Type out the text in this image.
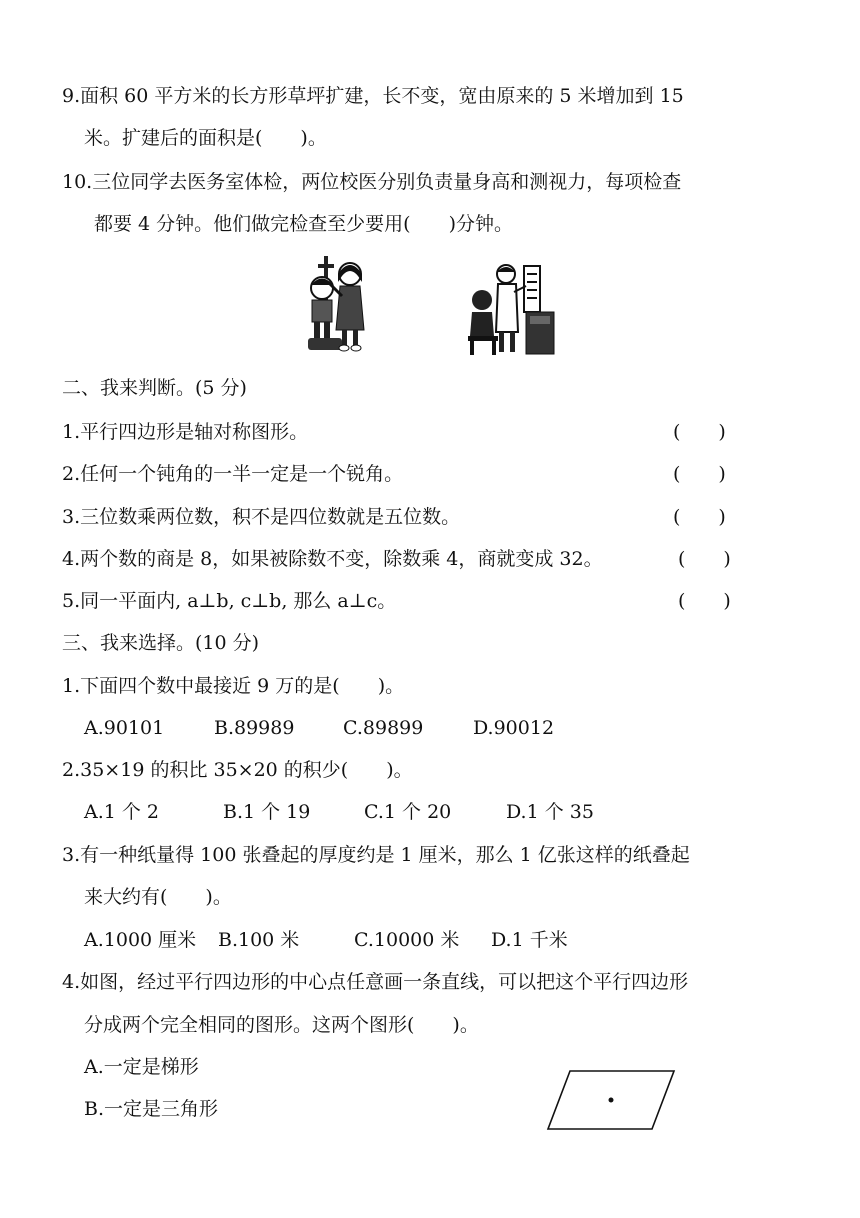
9.面积 60 平方米的长方形草坪扩建，长不变，宽由原来的 5 米增加到 15
米。扩建后的面积是(　　)。
10.三位同学去医务室体检，两位校医分别负责量身高和测视力，每项检查
都要 4 分钟。他们做完检查至少要用(　　)分钟。
二、我来判断。(5 分)
1.平行四边形是轴对称图形。	(　　)
2.任何一个钝角的一半一定是一个锐角。	(　　)
3.三位数乘两位数，积不是四位数就是五位数。	(　　)
4.两个数的商是 8，如果被除数不变，除数乘 4，商就变成 32。	(　　)
5.同一平面内, a⊥b, c⊥b, 那么 a⊥c。	(　　)
三、我来选择。(10 分)
1.下面四个数中最接近 9 万的是(　　)。
A.90101	B.89989	C.89899	D.90012
2.35×19 的积比 35×20 的积少(　　)。
A.1 个 2	B.1 个 19	C.1 个 20	D.1 个 35
3.有一种纸量得 100 张叠起的厚度约是 1 厘米，那么 1 亿张这样的纸叠起
来大约有(　　)。
A.1000 厘米 B.100 米	C.10000 米 D.1 千米
4.如图，经过平行四边形的中心点任意画一条直线，可以把这个平行四边形
分成两个完全相同的图形。这两个图形(　　)。
A.一定是梯形
B.一定是三角形
